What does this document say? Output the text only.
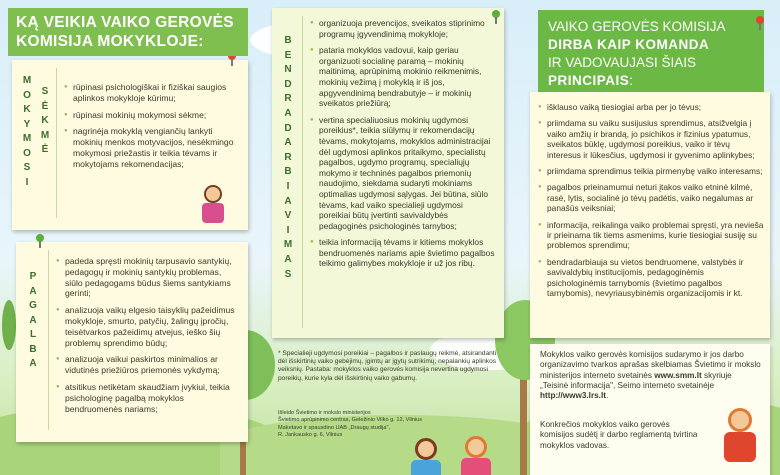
KĄ VEIKIA VAIKO GEROVĖS
KOMISIJA MOKYKLOJE:
M
O
K
Y
M
O
S
I
S
Ė
K
M
Ė
● rūpinasi psichologiškai ir fiziškai saugios aplinkos mokykloje kūrimu;
● rūpinasi mokinių mokymosi sėkme;
● nagrinėja mokyklą vengiančių lankyti mokinių menkos motyvacijos, nesėkmingo mokymosi priežastis ir teikia tėvams ir mokytojams rekomendacijas;
P
A
G
A
L
B
A
● padeda spręsti mokinių tarpusavio santykių, pedagogų ir mokinių santykių problemas, siūlo pedagogams būdus šiems santykiams gerinti;
● analizuoja vaikų elgesio taisyklių pažeidimus mokykloje, smurto, patyčių, žalingų įpročių, teisėtvarkos pažeidimų atvejus, ieško šių problemų sprendimo būdų;
● analizuoja vaikui paskirtos minimalios ar vidutinės priežiūros priemonės vykdymą;
● atsitikus netikėtam skaudžiam įvykiui, teikia psichologinę pagalbą mokyklos bendruomenės nariams;
B
E
N
D
R
A
D
A
R
B
I
A
V
I
M
A
S
● organizuoja prevencijos, sveikatos stiprinimo programų įgyvendinimą mokykloje;
● pataria mokyklos vadovui, kaip geriau organizuoti socialinę paramą – mokinių maitinimą, aprūpinimą mokinio reikmenimis, mokinių vežimą į mokyklą ir iš jos, apgyvendinimą bendrabutyje – ir mokinių sveikatos priežiūrą;
● vertina specialiuosius mokinių ugdymosi poreikius*, teikia siūlymų ir rekomendacijų tėvams, mokytojams, mokyklos administracijai dėl ugdymosi aplinkos pritaikymo, specialistų pagalbos, ugdymo programų, specialiųjų mokymo ir techninės pagalbos priemonių naudojimo, siekdama sudaryti mokiniams optimalias ugdymosi sąlygas. Jei būtina, siūlo tėvams, kad vaiko specialieji ugdymosi poreikiai būtų įvertinti savivaldybės pedagoginės psichologinės tarnybos;
● teikia informaciją tėvams ir kitiems mokyklos bendruomenės nariams apie švietimo pagalbos teikimo galimybes mokykloje ir už jos ribų.
* Specialieji ugdymosi poreikiai – pagalbos ir paslaugų reikmė, atsirandanti dėl išskirtinių vaiko gebėjimų, įgimtų ar įgytų sutrikimų, nepalankių aplinkos veiksnių. Pastaba: mokyklos vaiko gerovės komisija nevertina ugdymosi poreikių, kurie kyla dėl išskirtinių vaiko gabumų.
Išleido Švietimo ir mokslo ministerijos
Švietimo aprūpinimo centras, Geležinio Vilko g. 12, Vilnius
Maketavo ir spausdino UAB „Draugų studija",
R. Jankausko g. 6, Vilnius
VAIKO GEROVĖS KOMISIJA
DIRBA KAIP KOMANDA
IR VADOVAUJASI ŠIAIS PRINCIPAIS:
● išklauso vaiką tiesiogiai arba per jo tėvus;
● priimdama su vaiku susijusius sprendimus, atsižvelgia į vaiko amžių ir brandą, jo psichikos ir fizinius ypatumus, sveikatos būklę, ugdymosi poreikius, vaiko ir tėvų interesus ir lūkesčius, ugdymosi ir gyvenimo aplinkybes;
● priimdama sprendimus teikia pirmenybę vaiko interesams;
● pagalbos prieinamumui neturi įtakos vaiko etninė kilmė, rasė, lytis, socialinė jo tėvų padėtis, vaiko negalumas ar panašūs veiksniai;
● informacija, reikalinga vaiko problemai spręsti, yra neviešа ir prieinama tik tiems asmenims, kurie tiesiogiai susiję su problemos sprendimu;
● bendradarbiauja su vietos bendruomene, valstybės ir savivaldybių institucijomis, pedagoginėmis psichologinėmis tarnybomis (švietimo pagalbos tarnybomis), nevyriausybinėmis organizacijomis ir kt.
Mokyklos vaiko gerovės komisijos sudarymo ir jos darbo organizavimo tvarkos aprašas skelbiamas Švietimo ir mokslo ministerijos interneto svetainės www.smm.lt skyriuje „Teisinė informacija", Seimo interneto svetainėje http://www3.lrs.lt.
Konkrečios mokyklos vaiko gerovės komisijos sudėtį ir darbo reglamentą tvirtina mokyklos vadovas.
